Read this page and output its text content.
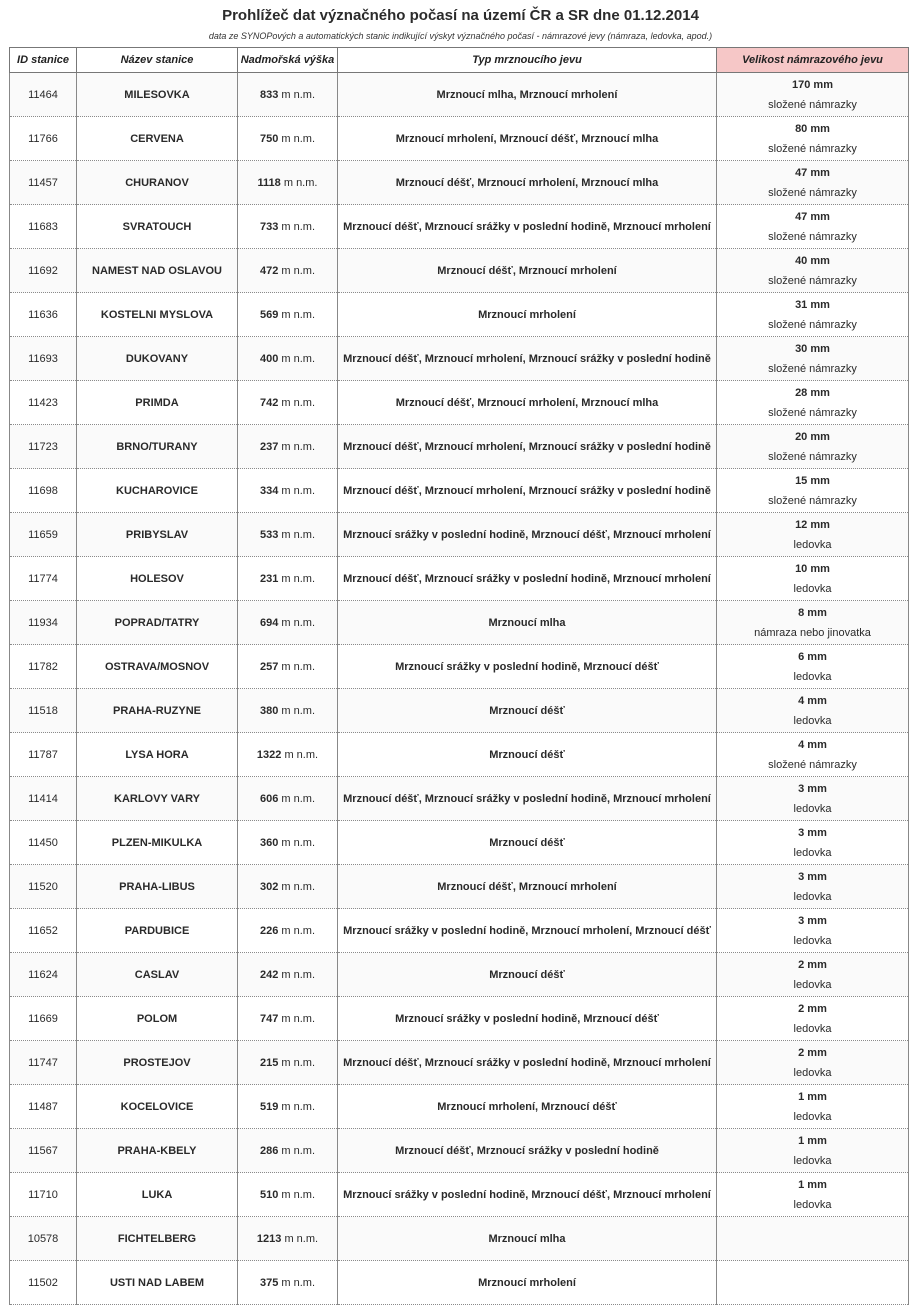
Prohlížeč dat význačného počasí na území ČR a SR dne 01.12.2014
data ze SYNOPových a automatických stanic indikující výskyt význačného počasí - námrazové jevy (námraza, ledovka, apod.)
ID stanice	Název stanice	Nadmořská výška	Typ mrznoucího jevu	Velikost námrazového jevu
11464	MILESOVKA	833 m n.m.	Mrznoucí mlha, Mrznoucí mrholení	170 mm
složené námrazky

11766	CERVENA	750 m n.m.	Mrznoucí mrholení, Mrznoucí déšť, Mrznoucí mlha	80 mm
složené námrazky

11457	CHURANOV	1118 m n.m.	Mrznoucí déšť, Mrznoucí mrholení, Mrznoucí mlha	47 mm
složené námrazky

11683	SVRATOUCH	733 m n.m.	Mrznoucí déšť, Mrznoucí srážky v poslední hodině, Mrznoucí mrholení	47 mm
složené námrazky

11692	NAMEST NAD OSLAVOU	472 m n.m.	Mrznoucí déšť, Mrznoucí mrholení	40 mm
složené námrazky

11636	KOSTELNI MYSLOVA	569 m n.m.	Mrznoucí mrholení	31 mm
složené námrazky

11693	DUKOVANY	400 m n.m.	Mrznoucí déšť, Mrznoucí mrholení, Mrznoucí srážky v poslední hodině	30 mm
složené námrazky

11423	PRIMDA	742 m n.m.	Mrznoucí déšť, Mrznoucí mrholení, Mrznoucí mlha	28 mm
složené námrazky

11723	BRNO/TURANY	237 m n.m.	Mrznoucí déšť, Mrznoucí mrholení, Mrznoucí srážky v poslední hodině	20 mm
složené námrazky

11698	KUCHAROVICE	334 m n.m.	Mrznoucí déšť, Mrznoucí mrholení, Mrznoucí srážky v poslední hodině	15 mm
složené námrazky

11659	PRIBYSLAV	533 m n.m.	Mrznoucí srážky v poslední hodině, Mrznoucí déšť, Mrznoucí mrholení	12 mm
ledovka

11774	HOLESOV	231 m n.m.	Mrznoucí déšť, Mrznoucí srážky v poslední hodině, Mrznoucí mrholení	10 mm
ledovka

11934	POPRAD/TATRY	694 m n.m.	Mrznoucí mlha	8 mm
námraza nebo jinovatka

11782	OSTRAVA/MOSNOV	257 m n.m.	Mrznoucí srážky v poslední hodině, Mrznoucí déšť	6 mm
ledovka

11518	PRAHA-RUZYNE	380 m n.m.	Mrznoucí déšť	4 mm
ledovka

11787	LYSA HORA	1322 m n.m.	Mrznoucí déšť	4 mm
složené námrazky

11414	KARLOVY VARY	606 m n.m.	Mrznoucí déšť, Mrznoucí srážky v poslední hodině, Mrznoucí mrholení	3 mm
ledovka

11450	PLZEN-MIKULKA	360 m n.m.	Mrznoucí déšť	3 mm
ledovka

11520	PRAHA-LIBUS	302 m n.m.	Mrznoucí déšť, Mrznoucí mrholení	3 mm
ledovka

11652	PARDUBICE	226 m n.m.	Mrznoucí srážky v poslední hodině, Mrznoucí mrholení, Mrznoucí déšť	3 mm
ledovka

11624	CASLAV	242 m n.m.	Mrznoucí déšť	2 mm
ledovka

11669	POLOM	747 m n.m.	Mrznoucí srážky v poslední hodině, Mrznoucí déšť	2 mm
ledovka

11747	PROSTEJOV	215 m n.m.	Mrznoucí déšť, Mrznoucí srážky v poslední hodině, Mrznoucí mrholení	2 mm
ledovka

11487	KOCELOVICE	519 m n.m.	Mrznoucí mrholení, Mrznoucí déšť	1 mm
ledovka

11567	PRAHA-KBELY	286 m n.m.	Mrznoucí déšť, Mrznoucí srážky v poslední hodině	1 mm
ledovka

11710	LUKA	510 m n.m.	Mrznoucí srážky v poslední hodině, Mrznoucí déšť, Mrznoucí mrholení	1 mm
ledovka

10578	FICHTELBERG	1213 m n.m.	Mrznoucí mlha	

11502	USTI NAD LABEM	375 m n.m.	Mrznoucí mrholení	
